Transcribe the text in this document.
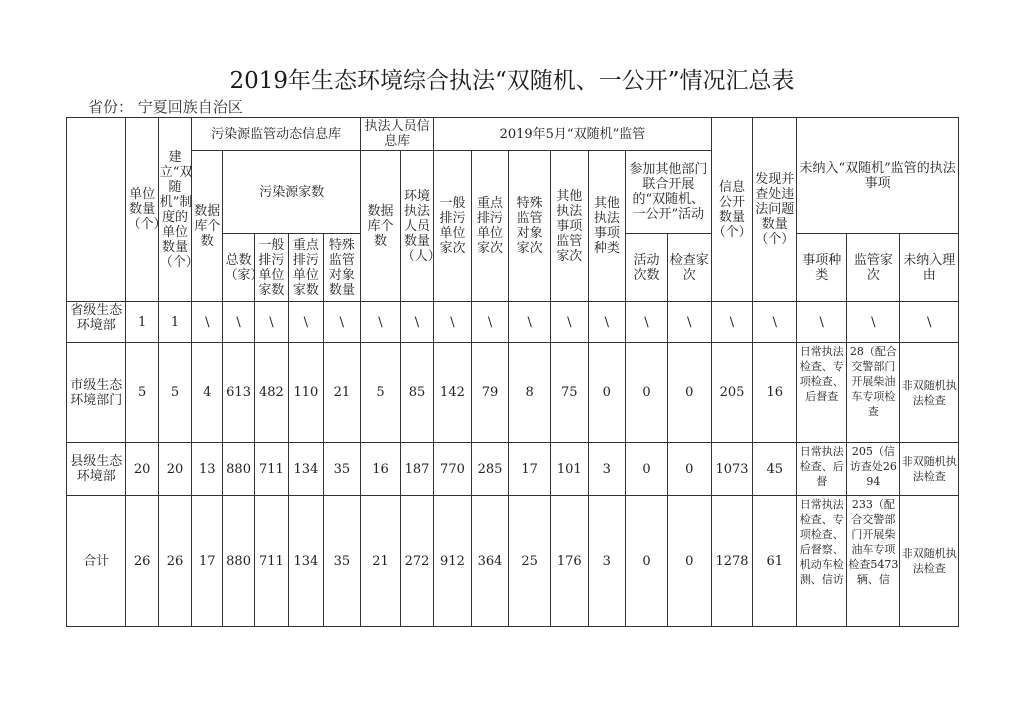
2019年生态环境综合执法“双随机、一公开”情况汇总表
省份： 宁夏回族自治区
	单位数量（个）	建立“双随机”制度的单位数量（个）	污染源监管动态信息库					执法人员信息库		2019年5月“双随机”监管							信息公开数量（个）	发现并查处违法问题数量（个）	未纳入“双随机”监管的执法事项		
			数据库个数	污染源家数				数据库个数	环境执法人员数量（人）	一般排污单位家次	重点排污单位家次	特殊监管对象家次	其他执法事项监管家次	其他执法事项种类	参加其他部门联合开展的“双随机、一公开”活动						
				总数（家）	一般排污单位家数	重点排污单位家数	特殊监管对象数量								活动次数	检查家次			事项种类	监管家次	未纳入理由

省级生态环境部	1	1	\	\	\	\	\	\	\	\	\	\	\	\	\	\	\	\	\	\	\
市级生态环境部门	5	5	4	613	482	110	21	5	85	142	79	8	75	0	0	0	205	16	日常执法检查、专项检查、后督查	28（配合交警部门开展柴油车专项检查	非双随机执法检查
县级生态环境部	20	20	13	880	711	134	35	16	187	770	285	17	101	3	0	0	1073	45	日常执法检查、后督	205（信访查处2694	非双随机执法检查
合计	26	26	17	880	711	134	35	21	272	912	364	25	176	3	0	0	1278	61	日常执法检查、专项检查、后督察、机动车检测、信访	233（配合交警部门开展柴油车专项检查5473辆、信	非双随机执法检查
